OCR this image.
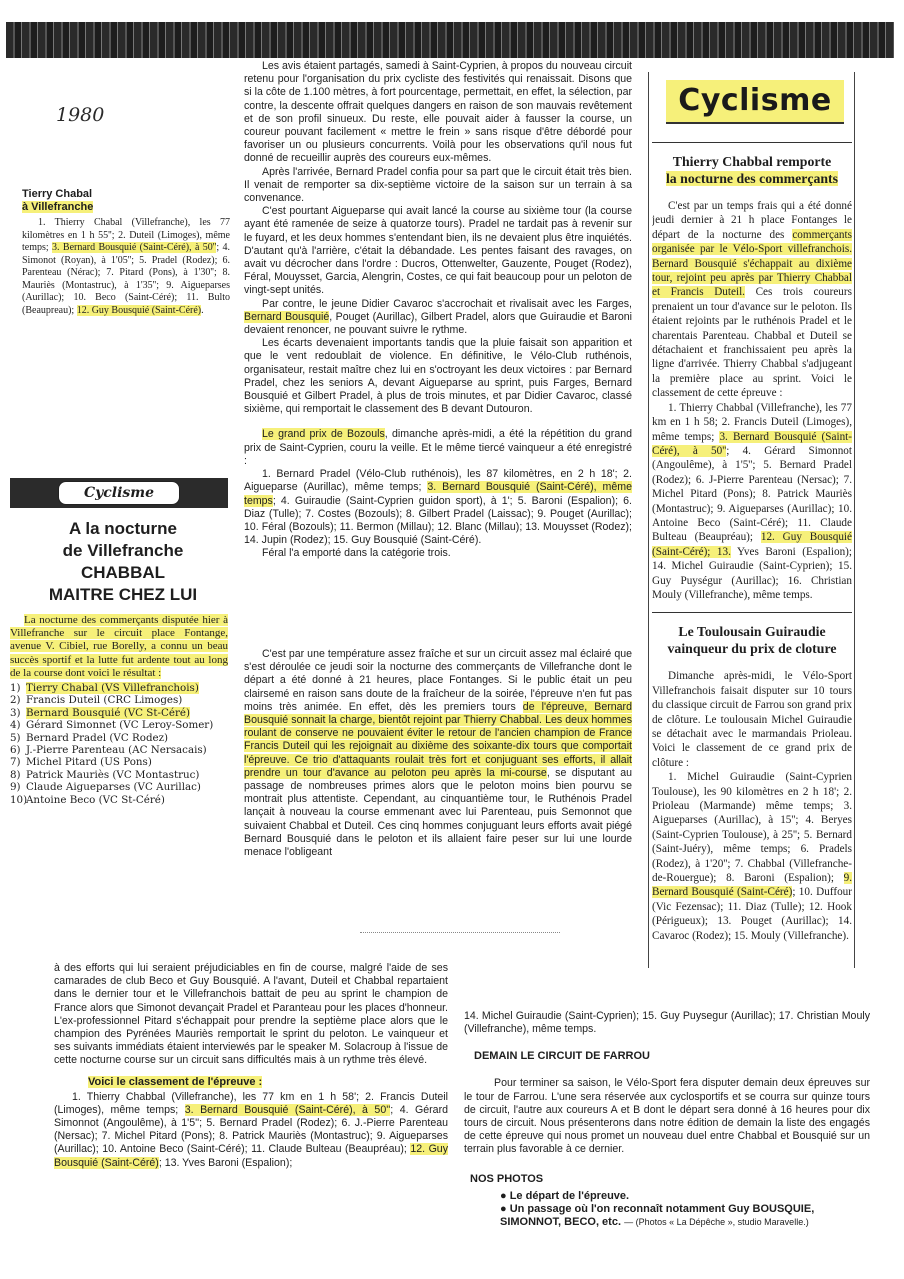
1980
Tierry Chabal
à Villefranche

1. Thierry Chabal (Villefranche), les 77 kilomètres en 1 h 55''; 2. Duteil (Limoges), même temps; 3. Bernard Bousquié (Saint-Céré), à 50''; 4. Simonot (Royan), à 1'05''; 5. Pradel (Rodez); 6. Parenteau (Nérac); 7. Pitard (Pons), à 1'30''; 8. Mauriès (Montastruc), à 1'35''; 9. Aigueparses (Aurillac); 10. Beco (Saint-Céré); 11. Bulto (Beaupreau); 12. Guy Bousquié (Saint-Céré).

Cyclisme
A la nocturne
de Villefranche
CHABBAL
MAITRE CHEZ LUI

La nocturne des commerçants disputée hier à Villefranche sur le circuit place Fontange, avenue V. Cibiel, rue Borelly, a connu un beau succès sportif et la lutte fut ardente tout au long de la course dont voici le résultat :

1) Tierry Chabal (VS Villefranchois)
2) Francis Duteil (CRC Limoges)
3) Bernard Bousquié (VC St-Céré)
4) Gérard Simonnet (VC Leroy-Somer)
5) Bernard Pradel (VC Rodez)
6) J.-Pierre Parenteau (AC Nersacais)
7) Michel Pitard (US Pons)
8) Patrick Mauriès (VC Montastruc)
9) Claude Aigueparses (VC Aurillac)
10)
Antoine Beco (VC St-Céré)

Les avis étaient partagés, samedi à Saint-Cyprien, à propos du nouveau circuit retenu pour l'organisation du prix cycliste des festivités qui renaissait. Disons que si la côte de 1.100 mètres, à fort pourcentage, permettait, en effet, la sélection, par contre, la descente offrait quelques dangers en raison de son mauvais revêtement et de son profil sinueux. Du reste, elle pouvait aider à fausser la course, un coureur pouvant facilement « mettre le frein » sans risque d'être débordé pour favoriser un ou plusieurs concurrents. Voilà pour les observations qu'il nous fut donné de recueillir auprès des coureurs eux-mêmes.

Après l'arrivée, Bernard Pradel confia pour sa part que le circuit était très bien. Il venait de remporter sa dix-septième victoire de la saison sur un terrain à sa convenance.

C'est pourtant Aigueparse qui avait lancé la course au sixième tour (la course ayant été ramenée de seize à quatorze tours). Pradel ne tardait pas à revenir sur le fuyard, et les deux hommes s'entendant bien, ils ne devaient plus être inquiétés. D'autant qu'à l'arrière, c'était la débandade. Les pentes faisant des ravages, on avait vu décrocher dans l'ordre : Ducros, Ottenwelter, Gauzente, Pouget (Rodez), Féral, Mouysset, Garcia, Alengrin, Costes, ce qui fait beaucoup pour un peloton de vingt-sept unités.

Par contre, le jeune Didier Cavaroc s'accrochait et rivalisait avec les Farges, Bernard Bousquié, Pouget (Aurillac), Gilbert Pradel, alors que Guiraudie et Baroni devaient renoncer, ne pouvant suivre le rythme.

Les écarts devenaient importants tandis que la pluie faisait son apparition et que le vent redoublait de violence. En définitive, le Vélo-Club ruthénois, organisateur, restait maître chez lui en s'octroyant les deux victoires : par Bernard Pradel, chez les seniors A, devant Aigueparse au sprint, puis Farges, Bernard Bousquié et Gilbert Pradel, à plus de trois minutes, et par Didier Cavaroc, classé sixième, qui remportait le classement des B devant Dutouron.

Le grand prix de Bozouls, dimanche après-midi, a été la répétition du grand prix de Saint-Cyprien, couru la veille. Et le même tiercé vainqueur a été enregistré :

1. Bernard Pradel (Vélo-Club ruthénois), les 87 kilomètres, en 2 h 18'; 2. Aigueparse (Aurillac), même temps; 3. Bernard Bousquié (Saint-Céré), même temps; 4. Guiraudie (Saint-Cyprien guidon sport), à 1'; 5. Baroni (Espalion); 6. Diaz (Tulle); 7. Costes (Bozouls); 8. Gilbert Pradel (Laissac); 9. Pouget (Aurillac); 10. Féral (Bozouls); 11. Bermon (Millau); 12. Blanc (Millau); 13. Mouysset (Rodez); 14. Jupin (Rodez); 15. Guy Bousquié (Saint-Céré).

Féral l'a emporté dans la catégorie trois.

C'est par une température assez fraîche et sur un circuit assez mal éclairé que s'est déroulée ce jeudi soir la nocturne des commerçants de Villefranche dont le départ a été donné à 21 heures, place Fontanges. Si le public était un peu clairsemé en raison sans doute de la fraîcheur de la soirée, l'épreuve n'en fut pas moins très animée. En effet, dès les premiers tours de l'épreuve, Bernard Bousquié sonnait la charge, bientôt rejoint par Thierry Chabbal. Les deux hommes roulant de conserve ne pouvaient éviter le retour de l'ancien champion de France Francis Duteil qui les rejoignait au dixième des soixante-dix tours que comportait l'épreuve. Ce trio d'attaquants roulait très fort et conjuguant ses efforts, il allait prendre un tour d'avance au peloton peu après la mi-course, se disputant au passage de nombreuses primes alors que le peloton moins bien pourvu se montrait plus attentiste. Cependant, au cinquantième tour, le Ruthénois Pradel lançait à nouveau la course emmenant avec lui Parenteau, puis Semonnot que suivaient Chabbal et Duteil. Ces cinq hommes conjuguant leurs efforts avait piégé Bernard Bousquié dans le peloton et ils allaient faire peser sur lui une lourde menace l'obligeant

à des efforts qui lui seraient préjudiciables en fin de course, malgré l'aide de ses camarades de club Beco et Guy Bousquié. A l'avant, Duteil et Chabbal repartaient dans le dernier tour et le Villefranchois battait de peu au sprint le champion de France alors que Simonot devançait Pradel et Paranteau pour les places d'honneur. L'ex-professionnel Pitard s'échappait pour prendre la septième place alors que le champion des Pyrénées Mauriès remportait le sprint du peloton. Le vainqueur et ses suivants immédiats étaient interviewés par le speaker M. Solacroup à l'issue de cette nocturne course sur un circuit sans difficultés mais à un rythme très élevé.

Voici le classement de l'épreuve :

1. Thierry Chabbal (Villefranche), les 77 km en 1 h 58'; 2. Francis Duteil (Limoges), même temps; 3. Bernard Bousquié (Saint-Céré), à 50''; 4. Gérard Simonnot (Angoulême), à 1'5''; 5. Bernard Pradel (Rodez); 6. J.-Pierre Parenteau (Nersac); 7. Michel Pitard (Pons); 8. Patrick Mauriès (Montastruc); 9. Aigueparses (Aurillac); 10. Antoine Beco (Saint-Céré); 11. Claude Bulteau (Beaupréau); 12. Guy Bousquié (Saint-Céré); 13. Yves Baroni (Espalion);

14. Michel Guiraudie (Saint-Cyprien); 15. Guy Puysegur (Aurillac); 17. Christian Mouly (Villefranche), même temps.

DEMAIN LE CIRCUIT DE FARROU

Pour terminer sa saison, le Vélo-Sport fera disputer demain deux épreuves sur le tour de Farrou. L'une sera réservée aux cyclosportifs et se courra sur quinze tours de circuit, l'autre aux coureurs A et B dont le départ sera donné à 16 heures pour dix tours de circuit. Nous présenterons dans notre édition de demain la liste des engagés de cette épreuve qui nous promet un nouveau duel entre Chabbal et Bousquié sur un terrain plus favorable à ce dernier.

NOS PHOTOS

● Le départ de l'épreuve.

● Un passage où l'on reconnaît notamment Guy BOUSQUIE, SIMONNOT, BECO, etc. — (Photos « La Dépêche », studio Maravelle.)

Cyclisme
Thierry Chabbal remporte
la nocturne des commerçants

C'est par un temps frais qui a été donné jeudi dernier à 21 h place Fontanges le départ de la nocturne des commerçants organisée par le Vélo-Sport villefranchois. Bernard Bousquié s'échappait au dixième tour, rejoint peu après par Thierry Chabbal et Francis Duteil. Ces trois coureurs prenaient un tour d'avance sur le peloton. Ils étaient rejoints par le ruthénois Pradel et le charentais Parenteau. Chabbal et Duteil se détachaient et franchissaient peu après la ligne d'arrivée. Thierry Chabbal s'adjugeant la première place au sprint. Voici le classement de cette épreuve :

1. Thierry Chabbal (Villefranche), les 77 km en 1 h 58; 2. Francis Duteil (Limoges), même temps; 3. Bernard Bousquié (Saint-Céré), à 50''; 4. Gérard Simonnot (Angoulême), à 1'5''; 5. Bernard Pradel (Rodez); 6. J-Pierre Parenteau (Nersac); 7. Michel Pitard (Pons); 8. Patrick Mauriès (Montastruc); 9. Aigueparses (Aurillac); 10. Antoine Beco (Saint-Céré); 11. Claude Bulteau (Beaupréau); 12. Guy Bousquié (Saint-Céré); 13. Yves Baroni (Espalion); 14. Michel Guiraudie (Saint-Cyprien); 15. Guy Puységur (Aurillac); 16. Christian Mouly (Villefranche), même temps.

Le Toulousain Guiraudie
vainqueur du prix de cloture

Dimanche après-midi, le Vélo-Sport Villefranchois faisait disputer sur 10 tours du classique circuit de Farrou son grand prix de clôture. Le toulousain Michel Guiraudie se détachait avec le marmandais Prioleau. Voici le classement de ce grand prix de clôture :

1. Michel Guiraudie (Saint-Cyprien Toulouse), les 90 kilomètres en 2 h 18'; 2. Prioleau (Marmande) même temps; 3. Aigueparses (Aurillac), à 15''; 4. Beryes (Saint-Cyprien Toulouse), à 25''; 5. Bernard (Saint-Juéry), même temps; 6. Pradels (Rodez), à 1'20''; 7. Chabbal (Villefranche-de-Rouergue); 8. Baroni (Espalion); 9. Bernard Bousquié (Saint-Céré); 10. Duffour (Vic Fezensac); 11. Diaz (Tulle); 12. Hook (Périgueux); 13. Pouget (Aurillac); 14. Cavaroc (Rodez); 15. Mouly (Villefranche).
